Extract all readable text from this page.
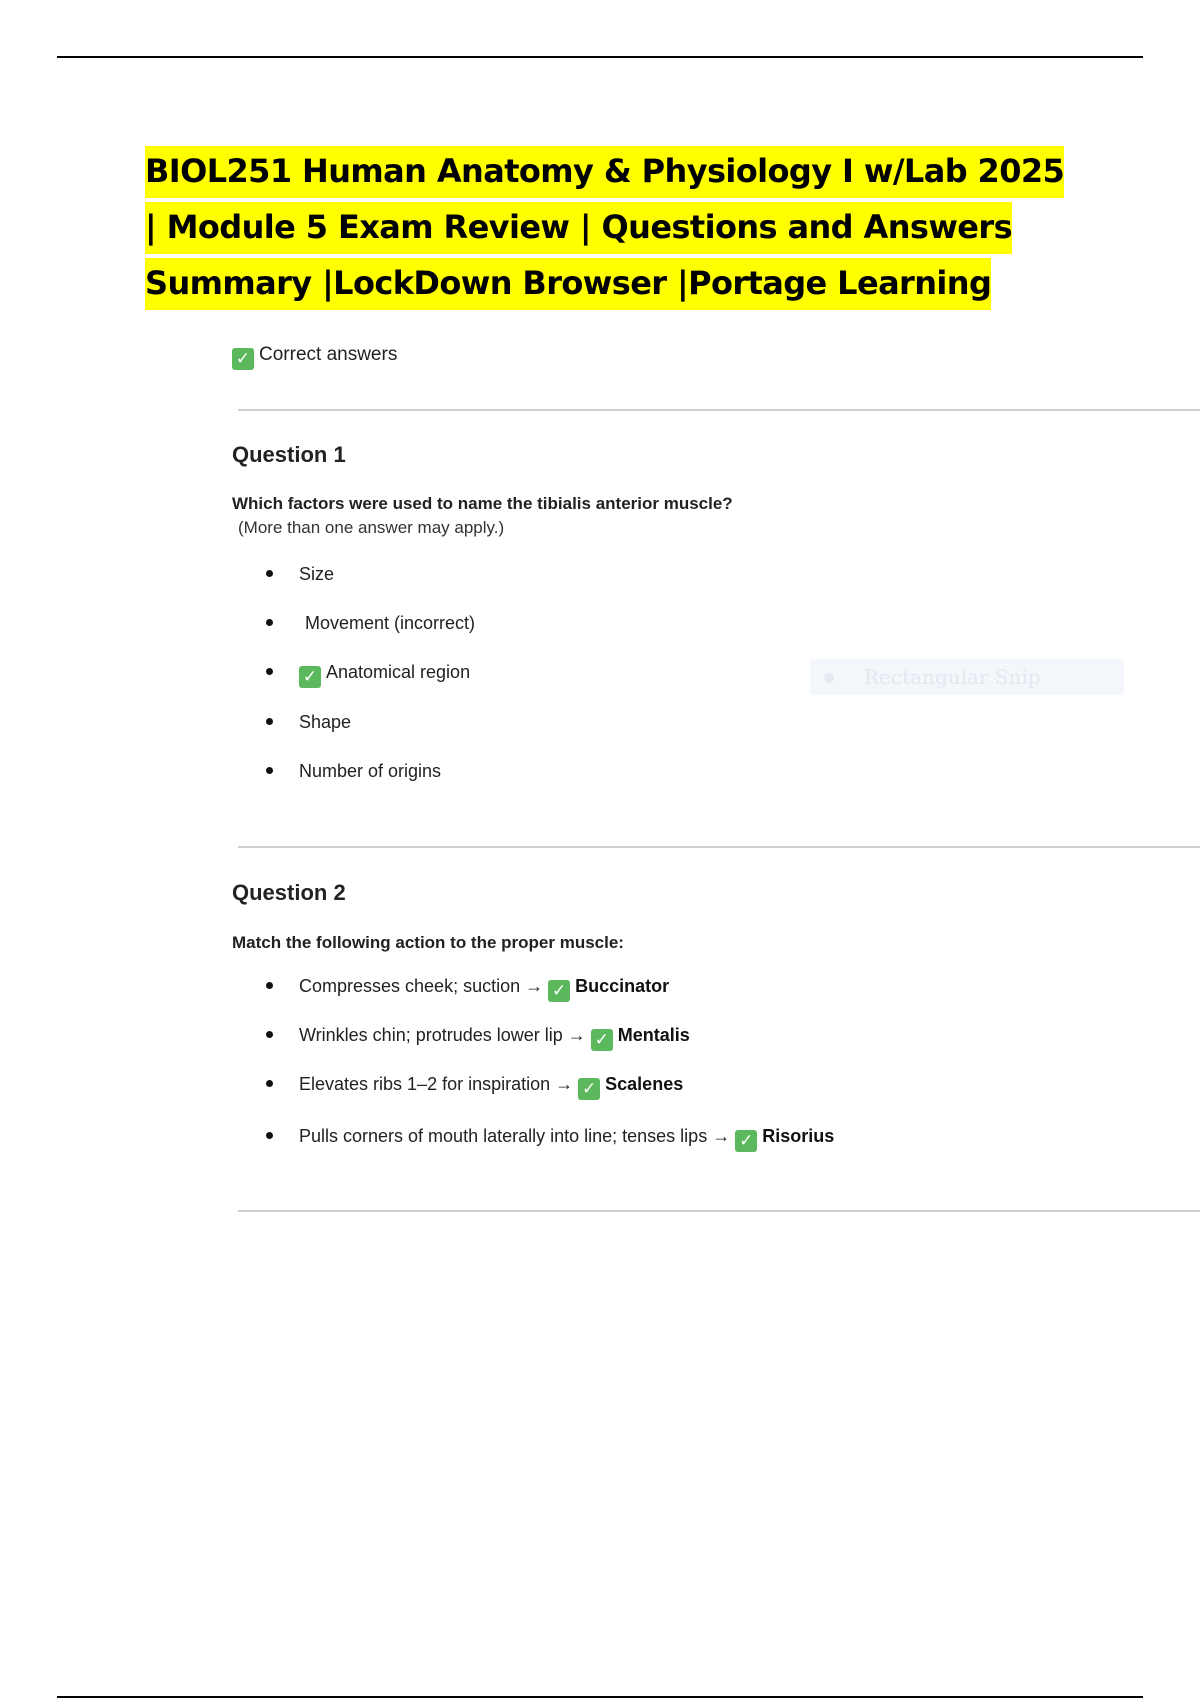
BIOL251 Human Anatomy & Physiology I w/Lab 2025 | Module 5 Exam Review | Questions and Answers Summary |LockDown Browser |Portage Learning
✓ Correct answers
Question 1
Which factors were used to name the tibialis anterior muscle?
(More than one answer may apply.)
Size
Movement (incorrect)
✓ Anatomical region
Shape
Number of origins
Rectangular Snip
Question 2
Match the following action to the proper muscle:
Compresses cheek; suction → ✓ Buccinator
Wrinkles chin; protrudes lower lip → ✓ Mentalis
Elevates ribs 1–2 for inspiration → ✓ Scalenes
Pulls corners of mouth laterally into line; tenses lips → ✓ Risorius
